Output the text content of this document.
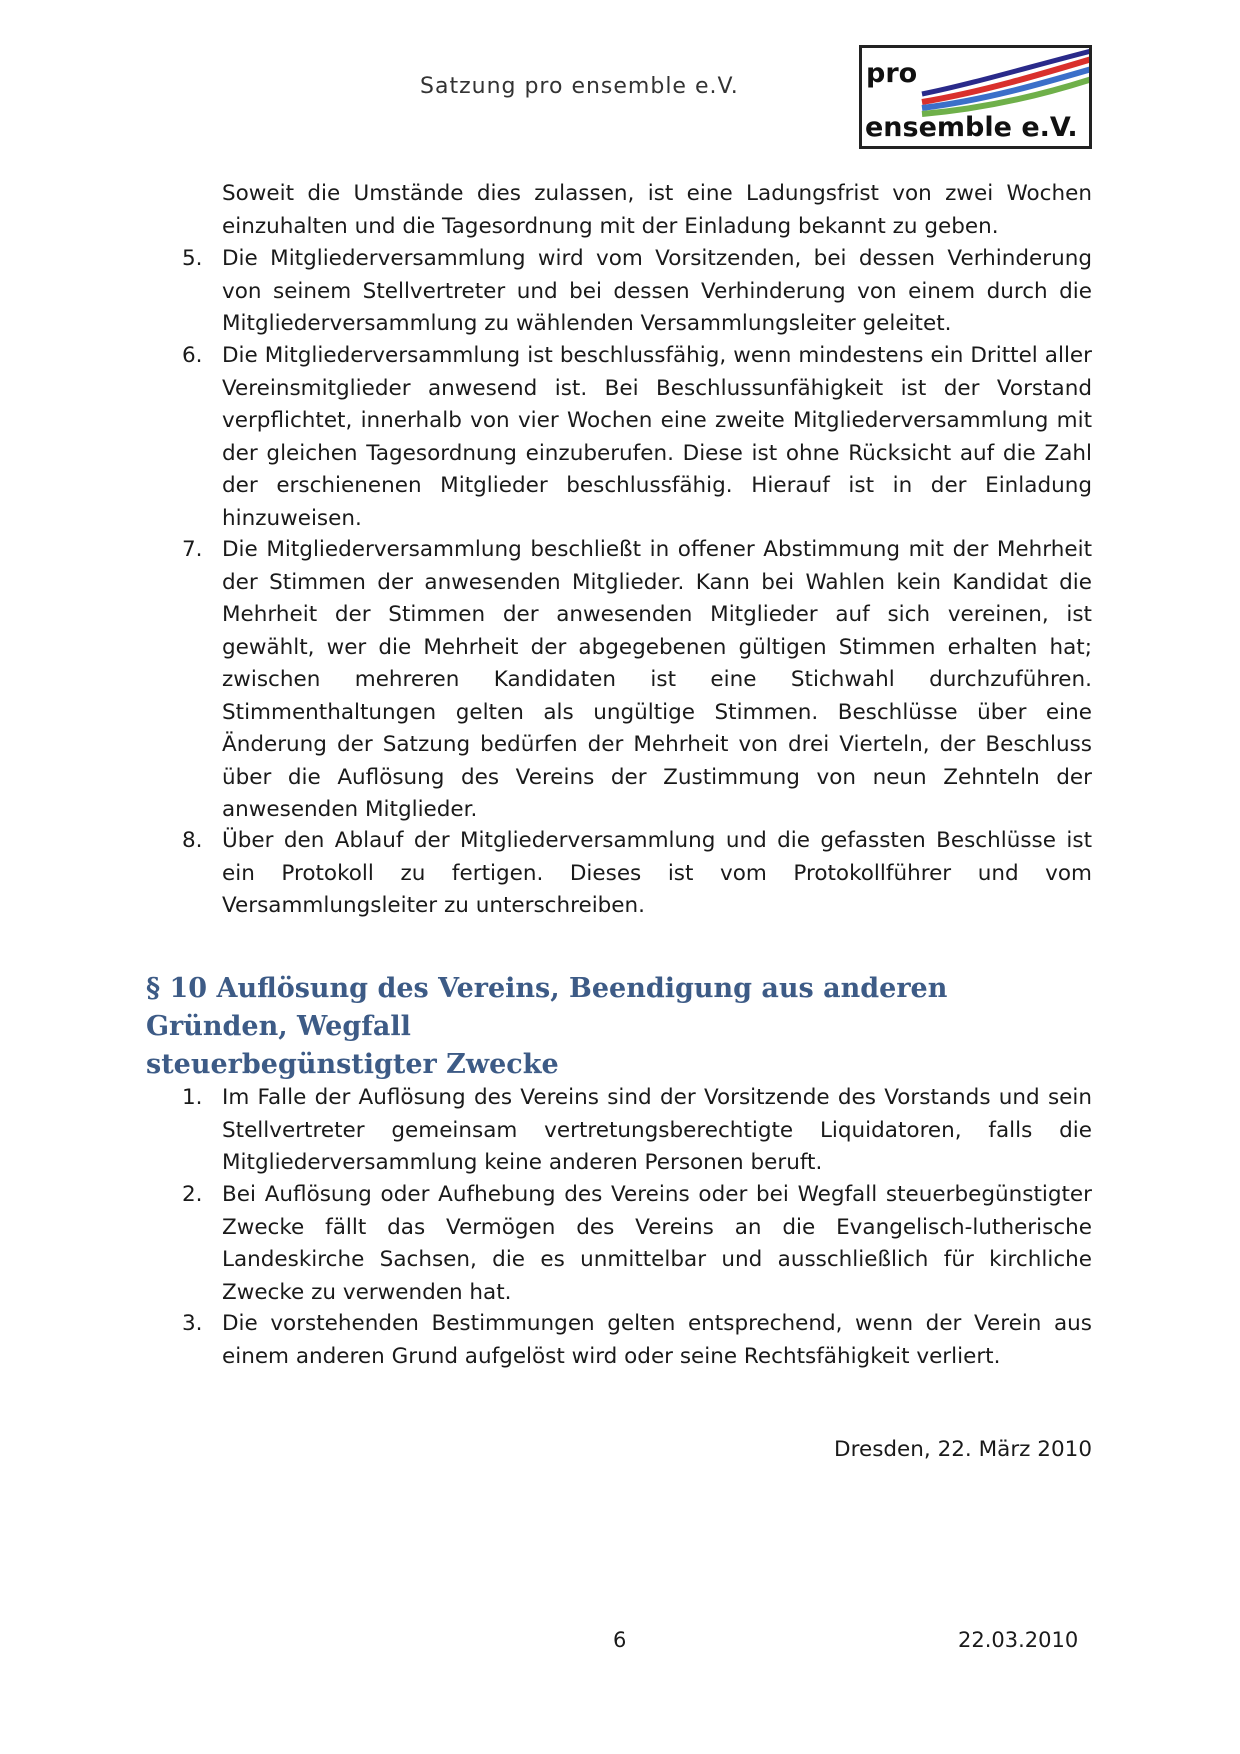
Satzung pro ensemble e.V.	pro
ensemble e.V.
Soweit die Umstände dies zulassen, ist eine Ladungsfrist von zwei Wochen einzuhalten und die Tagesordnung mit der Einladung bekannt zu geben.
5. Die Mitgliederversammlung wird vom Vorsitzenden, bei dessen Verhinderung von seinem Stellvertreter und bei dessen Verhinderung von einem durch die Mitgliederversammlung zu wählenden Versammlungsleiter geleitet.
6. Die Mitgliederversammlung ist beschlussfähig, wenn mindestens ein Drittel aller Vereinsmitglieder anwesend ist. Bei Beschlussunfähigkeit ist der Vorstand verpflichtet, innerhalb von vier Wochen eine zweite Mitgliederversammlung mit der gleichen Tagesordnung einzuberufen. Diese ist ohne Rücksicht auf die Zahl der erschienenen Mitglieder beschlussfähig. Hierauf ist in der Einladung hinzuweisen.
7. Die Mitgliederversammlung beschließt in offener Abstimmung mit der Mehrheit der Stimmen der anwesenden Mitglieder. Kann bei Wahlen kein Kandidat die Mehrheit der Stimmen der anwesenden Mitglieder auf sich vereinen, ist gewählt, wer die Mehrheit der abgegebenen gültigen Stimmen erhalten hat; zwischen mehreren Kandidaten ist eine Stichwahl durchzuführen. Stimmenthaltungen gelten als ungültige Stimmen. Beschlüsse über eine Änderung der Satzung bedürfen der Mehrheit von drei Vierteln, der Beschluss über die Auflösung des Vereins der Zustimmung von neun Zehnteln der anwesenden Mitglieder.
8. Über den Ablauf der Mitgliederversammlung und die gefassten Beschlüsse ist ein Protokoll zu fertigen. Dieses ist vom Protokollführer und vom Versammlungsleiter zu unterschreiben.
§ 10 Auflösung des Vereins, Beendigung aus anderen Gründen, Wegfall
steuerbegünstigter Zwecke
1. Im Falle der Auflösung des Vereins sind der Vorsitzende des Vorstands und sein Stellvertreter gemeinsam vertretungsberechtigte Liquidatoren, falls die Mitgliederversammlung keine anderen Personen beruft.
2. Bei Auflösung oder Aufhebung des Vereins oder bei Wegfall steuerbegünstigter Zwecke fällt das Vermögen des Vereins an die Evangelisch-lutherische Landeskirche Sachsen, die es unmittelbar und ausschließlich für kirchliche Zwecke zu verwenden hat.
3. Die vorstehenden Bestimmungen gelten entsprechend, wenn der Verein aus einem anderen Grund aufgelöst wird oder seine Rechtsfähigkeit verliert.
Dresden, 22. März 2010
6	22.03.2010
